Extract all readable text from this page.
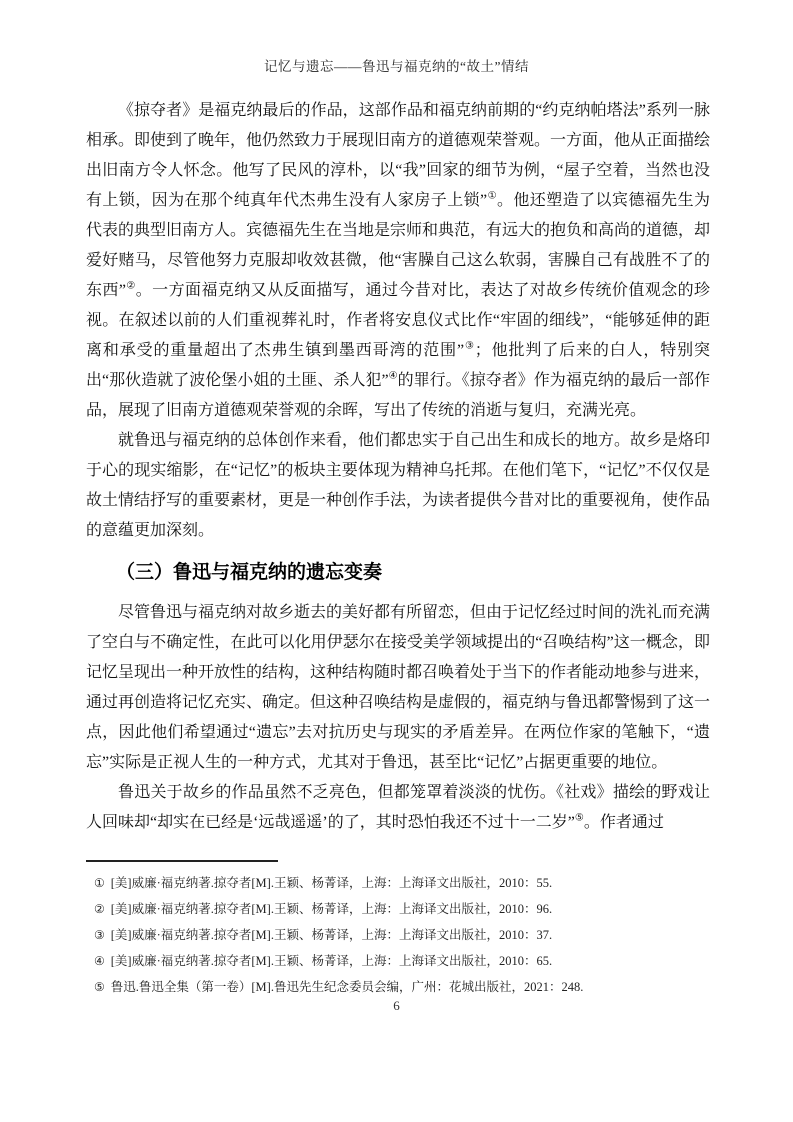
记忆与遗忘——鲁迅与福克纳的“故土”情结

《掠夺者》是福克纳最后的作品，这部作品和福克纳前期的“约克纳帕塔法”系列一脉相承。即使到了晚年，他仍然致力于展现旧南方的道德观荣誉观。一方面，他从正面描绘出旧南方令人怀念。他写了民风的淳朴，以“我”回家的细节为例，“屋子空着，当然也没有上锁，因为在那个纯真年代杰弗生没有人家房子上锁”①。他还塑造了以宾德福先生为代表的典型旧南方人。宾德福先生在当地是宗师和典范，有远大的抱负和高尚的道德，却爱好赌马，尽管他努力克服却收效甚微，他“害臊自己这么软弱，害臊自己有战胜不了的东西”②。一方面福克纳又从反面描写，通过今昔对比，表达了对故乡传统价值观念的珍视。在叙述以前的人们重视葬礼时，作者将安息仪式比作“牢固的细线”，“能够延伸的距离和承受的重量超出了杰弗生镇到墨西哥湾的范围”③；他批判了后来的白人，特别突出“那伙造就了波伦堡小姐的土匪、杀人犯”④的罪行。《掠夺者》作为福克纳的最后一部作品，展现了旧南方道德观荣誉观的余晖，写出了传统的消逝与复归，充满光亮。

就鲁迅与福克纳的总体创作来看，他们都忠实于自己出生和成长的地方。故乡是烙印于心的现实缩影，在“记忆”的板块主要体现为精神乌托邦。在他们笔下，“记忆”不仅仅是故土情结抒写的重要素材，更是一种创作手法，为读者提供今昔对比的重要视角，使作品的意蕴更加深刻。

（三）鲁迅与福克纳的遗忘变奏

尽管鲁迅与福克纳对故乡逝去的美好都有所留恋，但由于记忆经过时间的洗礼而充满了空白与不确定性，在此可以化用伊瑟尔在接受美学领域提出的“召唤结构”这一概念，即记忆呈现出一种开放性的结构，这种结构随时都召唤着处于当下的作者能动地参与进来，通过再创造将记忆充实、确定。但这种召唤结构是虚假的，福克纳与鲁迅都警惕到了这一点，因此他们希望通过“遗忘”去对抗历史与现实的矛盾差异。在两位作家的笔触下，“遗忘”实际是正视人生的一种方式，尤其对于鲁迅，甚至比“记忆”占据更重要的地位。

鲁迅关于故乡的作品虽然不乏亮色，但都笼罩着淡淡的忧伤。《社戏》描绘的野戏让人回味却“却实在已经是‘远哉遥遥’的了，其时恐怕我还不过十一二岁”⑤。作者通过

① [美]威廉·福克纳著.掠夺者[M].王颖、杨菁译，上海：上海译文出版社，2010：55.
② [美]威廉·福克纳著.掠夺者[M].王颖、杨菁译，上海：上海译文出版社，2010：96.
③ [美]威廉·福克纳著.掠夺者[M].王颖、杨菁译，上海：上海译文出版社，2010：37.
④ [美]威廉·福克纳著.掠夺者[M].王颖、杨菁译，上海：上海译文出版社，2010：65.
⑤ 鲁迅.鲁迅全集（第一卷）[M].鲁迅先生纪念委员会编，广州：花城出版社，2021：248.
6
